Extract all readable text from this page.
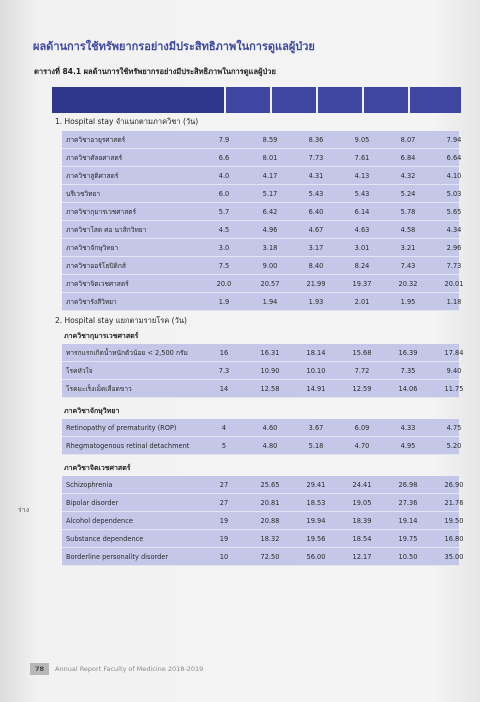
ผลด้านการใช้ทรัพยากรอย่างมีประสิทธิภาพในการดูแลผู้ป่วย
ตารางที่ 84.1 ผลด้านการใช้ทรัพยากรอย่างมีประสิทธิภาพในการดูแลผู้ป่วย
1. Hospital stay จำแนกตามภาควิชา (วัน)
2. Hospital stay แยกตามรายโรค (วัน)
ภาควิชาอายุรศาสตร์	7.9	8.59	8.36	9.05	8.07	7.94
ภาควิชาศัลยศาสตร์	6.6	8.01	7.73	7.61	6.84	6.64
ภาควิชาสูติศาสตร์	4.0	4.17	4.31	4.13	4.32	4.10
นรีเวชวิทยา	6.0	5.17	5.43	5.43	5.24	5.03
ภาควิชากุมารเวชศาสตร์	5.7	6.42	6.40	6.14	5.78	5.65
ภาควิชาโสต ศอ นาสิกวิทยา	4.5	4.96	4.67	4.63	4.58	4.34
ภาควิชาจักษุวิทยา	3.0	3.18	3.17	3.01	3.21	2.96
ภาควิชาออร์โธปิดิกส์	7.5	9.00	8.40	8.24	7.43	7.73
ภาควิชาจิตเวชศาสตร์	20.0	20.57	21.99	19.37	20.32	20.01
ภาควิชารังสีวิทยา	1.9	1.94	1.93	2.01	1.95	1.18
ภาควิชากุมารเวชศาสตร์
ทารกแรกเกิดน้ำหนักตัวน้อย < 2,500 กรัม	16	16.31	18.14	15.68	16.39	17.84
โรคหัวใจ	7.3	10.90	10.10	7.72	7.35	9.40
โรคมะเร็งเม็ดเลือดขาว	14	12.58	14.91	12.59	14.06	11.75
ภาควิชาจักษุวิทยา
Retinopathy of prematurity (ROP)	4	4.60	3.67	6.09	4.33	4.75
Rhegmatogenous retinal detachment	5	4.80	5.18	4.70	4.95	5.20
ภาควิชาจิตเวชศาสตร์
Schizophrenia	27	25.65	29.41	24.41	26.98	26.90
Bipolar disorder	27	20.81	18.53	19.05	27.36	21.76
Alcohol dependence	19	20.88	19.94	18.39	19.14	19.50
Substance dependence	19	18.32	19.56	18.54	19.75	16.80
Borderline personality disorder	10	72.50	56.00	12.17	10.50	35.00
ร่าง
78 Annual Report Faculty of Medicine 2018-2019
